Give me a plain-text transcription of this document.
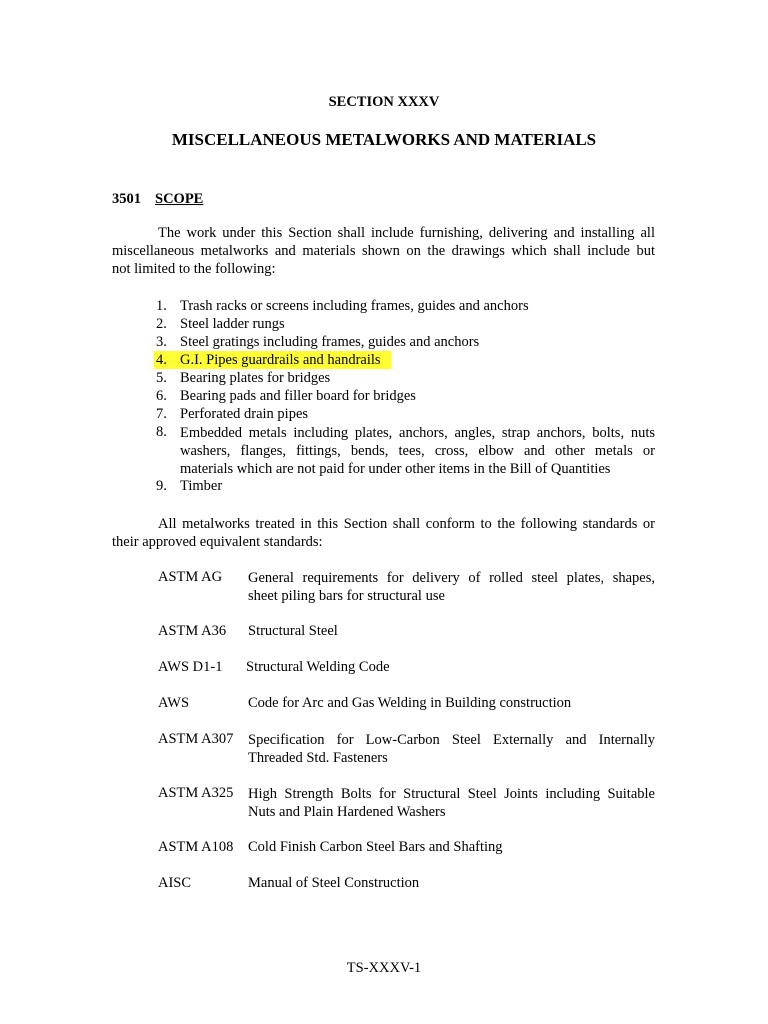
SECTION XXXV
MISCELLANEOUS METALWORKS AND MATERIALS
3501 SCOPE
The work under this Section shall include furnishing, delivering and installing all
miscellaneous metalworks and materials shown on the drawings which shall include but
not limited to the following:
1. Trash racks or screens including frames, guides and anchors
2. Steel ladder rungs
3. Steel gratings including frames, guides and anchors
4. G.I. Pipes guardrails and handrails
5. Bearing plates for bridges
6. Bearing pads and filler board for bridges
7. Perforated drain pipes
8. Embedded metals including plates, anchors, angles, strap anchors, bolts, nuts
washers, flanges, fittings, bends, tees, cross, elbow and other metals or
materials which are not paid for under other items in the Bill of Quantities
9. Timber
All metalworks treated in this Section shall conform to the following standards or
their approved equivalent standards:
ASTM AG General requirements for delivery of rolled steel plates, shapes,
sheet piling bars for structural use
ASTM A36 Structural Steel
AWS D1-1 Structural Welding Code
AWS	Code for Arc and Gas Welding in Building construction
ASTM A307 Specification for Low-Carbon Steel Externally and Internally
Threaded Std. Fasteners
ASTM A325 High Strength Bolts for Structural Steel Joints including Suitable
Nuts and Plain Hardened Washers
ASTM A108 Cold Finish Carbon Steel Bars and Shafting
AISC	Manual of Steel Construction
TS-XXXV-1
